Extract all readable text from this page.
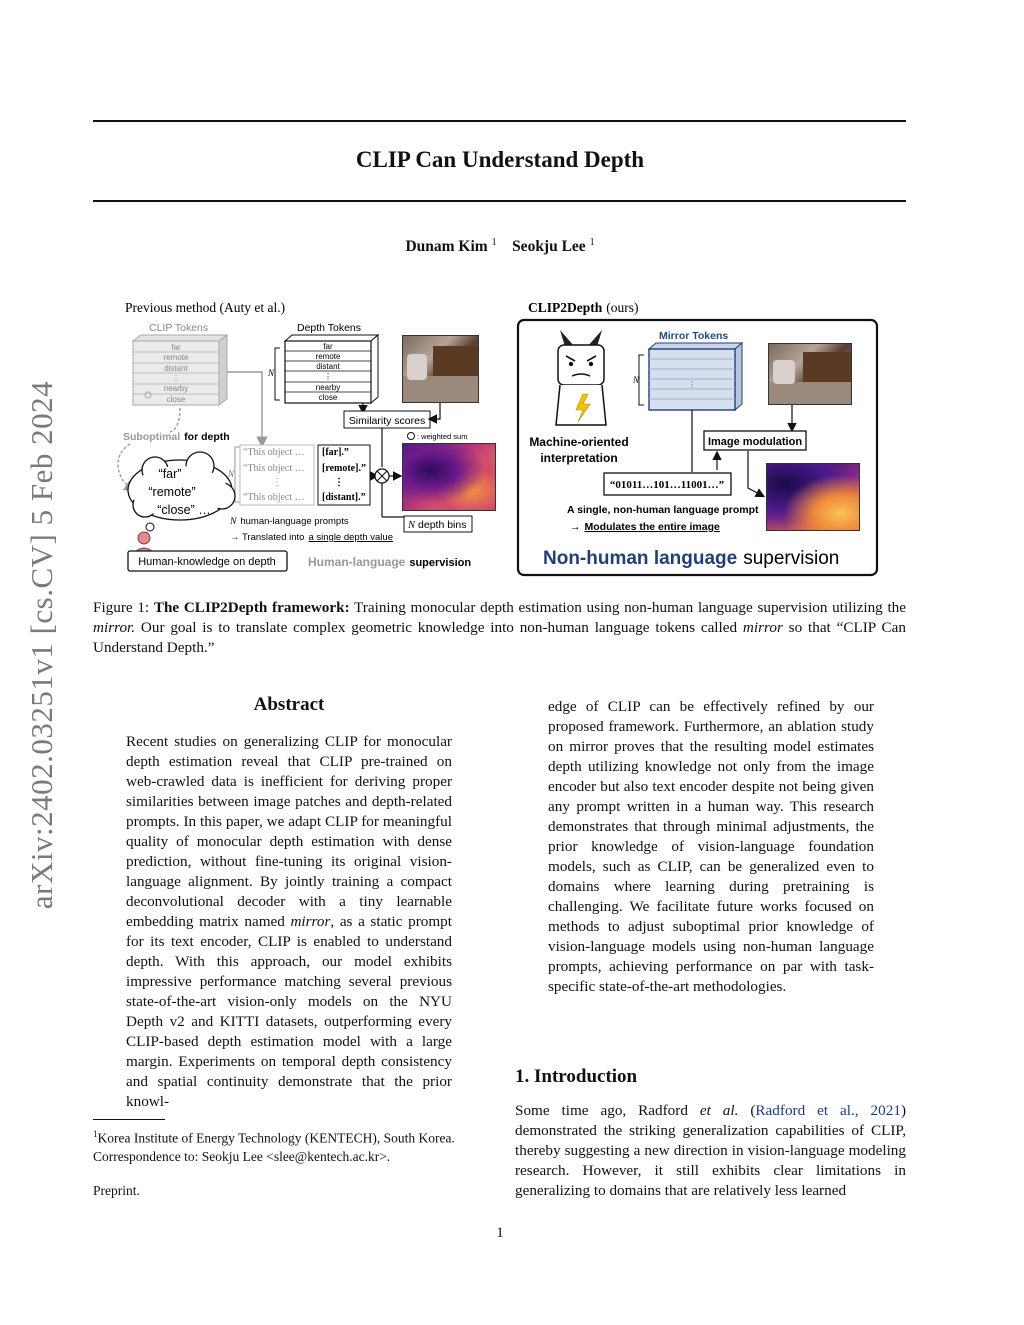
arXiv:2402.03251v1 [cs.CV] 5 Feb 2024
CLIP Can Understand Depth
Dunam Kim $^1$ Seokju Lee $^1$
Previous method (Auty et al.)
CLIP Tokens
far
remote
distant
⋮
nearby
close
Depth Tokens
far
remote
distant
⋮
nearby
close
N
Similarity scores
: weighted sum
Suboptimal for depth
N
“This object …
“This object …
⋮
“This object …
[far].”
[remote].”
⋮
[distant].”
“far”
“remote”
“close” …
Human-knowledge on depth
N human-language prompts
→ Translated into a single depth value
N depth bins
Human-language supervision
CLIP2Depth (ours)
Machine-oriented
interpretation
Mirror Tokens
⋮
N
Image modulation
“01011…101…11001…”
A single, non-human language prompt
→ Modulates the entire image
Non-human language supervision
Figure 1: The CLIP2Depth framework: Training monocular depth estimation using non-human language supervision utilizing the mirror. Our goal is to translate complex geometric knowledge into non-human language tokens called mirror so that “CLIP Can Understand Depth.”
Abstract

Recent studies on generalizing CLIP for monocular depth estimation reveal that CLIP pre-trained on web-crawled data is inefficient for deriving proper similarities between image patches and depth-related prompts. In this paper, we adapt CLIP for meaningful quality of monocular depth estimation with dense prediction, without fine-tuning its original vision-language alignment. By jointly training a compact deconvolutional decoder with a tiny learnable embedding matrix named mirror, as a static prompt for its text encoder, CLIP is enabled to understand depth. With this approach, our model exhibits impressive performance matching several previous state-of-the-art vision-only models on the NYU Depth v2 and KITTI datasets, outperforming every CLIP-based depth estimation model with a large margin. Experiments on temporal depth consistency and spatial continuity demonstrate that the prior knowl-

edge of CLIP can be effectively refined by our proposed framework. Furthermore, an ablation study on mirror proves that the resulting model estimates depth utilizing knowledge not only from the image encoder but also text encoder despite not being given any prompt written in a human way. This research demonstrates that through minimal adjustments, the prior knowledge of vision-language foundation models, such as CLIP, can be generalized even to domains where learning during pretraining is challenging. We facilitate future works focused on methods to adjust suboptimal prior knowledge of vision-language models using non-human language prompts, achieving performance on par with task-specific state-of-the-art methodologies.

1. Introduction

Some time ago, Radford et al. (Radford et al., 2021) demonstrated the striking generalization capabilities of CLIP, thereby suggesting a new direction in vision-language modeling research. However, it still exhibits clear limitations in generalizing to domains that are relatively less learned

$^1$Korea Institute of Energy Technology (KENTECH), South Korea.
Correspondence to: Seokju Lee <slee@kentech.ac.kr>.
Preprint.
1
